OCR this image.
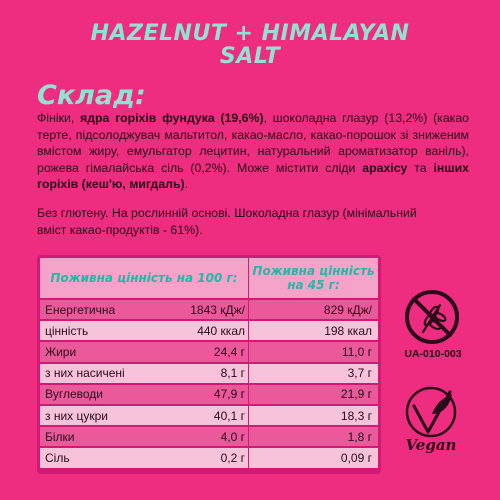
HAZELNUT + HIMALAYAN
SALT
Склад:
Фініки, ядра горіхів фундука (19,6%), шоколадна глазур (13,2%) (какао терте, підсолоджувач мальтитол, какао-масло, какао-порошок зі зниженим вмістом жиру, емульгатор лецитин, натуральний ароматизатор ваніль), рожева гімалайська сіль (0,2%). Може містити сліди арахісу та інших горіхів (кеш'ю, мигдаль).
Без глютену. На рослинній основі. Шоколадна глазур (мінімальний вміст какао-продуктів - 61%).
Поживна цінність на 100 г:	Поживна цінність на 45 г:
Енергетична	1843 кДж/	829 кДж/
цінність	440 ккал	198 ккал
Жири	24,4 г	11,0 г
з них насичені	8,1 г	3,7 г
Вуглеводи	47,9 г	21,9 г
з них цукри	40,1 г	18,3 г
Білки	4,0 г	1,8 г
Сіль	0,2 г	0,09 г
UA-010-003
Vegan
